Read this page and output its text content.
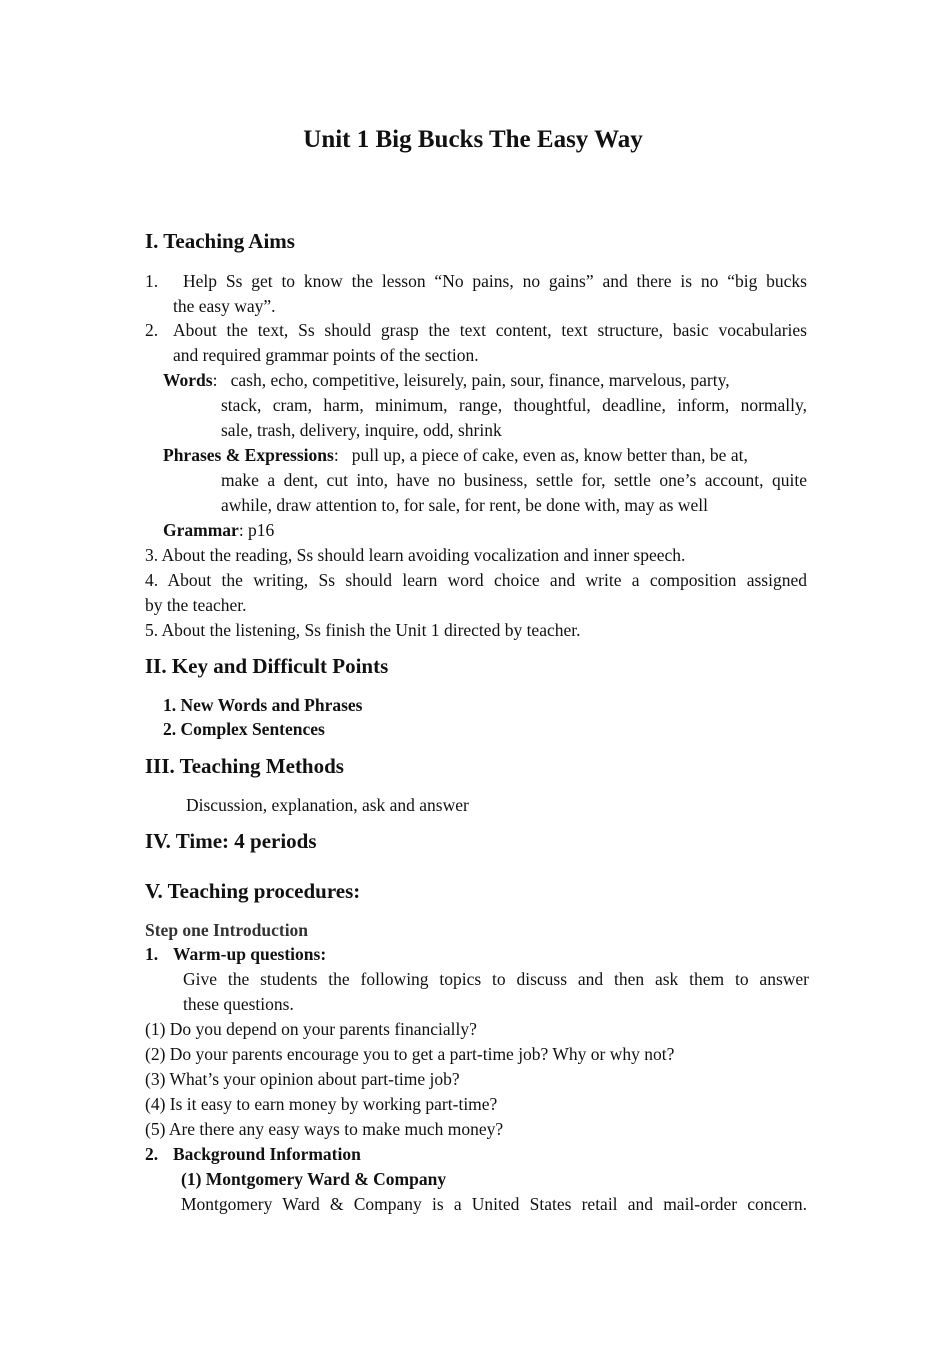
Unit 1 Big Bucks The Easy Way
I. Teaching Aims
1. Help Ss get to know the lesson “No pains, no gains” and there is no “big bucks
the easy way”.
2. About the text, Ss should grasp the text content, text structure, basic vocabularies
and required grammar points of the section.
Words:   cash, echo, competitive, leisurely, pain, sour, finance, marvelous, party,
stack, cram, harm, minimum, range, thoughtful, deadline, inform, normally,
sale, trash, delivery, inquire, odd, shrink
Phrases & Expressions:   pull up, a piece of cake, even as, know better than, be at,
make a dent, cut into, have no business, settle for, settle one’s account, quite
awhile, draw attention to, for sale, for rent, be done with, may as well
Grammar: p16
3. About the reading, Ss should learn avoiding vocalization and inner speech.
4. About the writing, Ss should learn word choice and write a composition assigned
by the teacher.
5. About the listening, Ss finish the Unit 1 directed by teacher.
II. Key and Difficult Points
1. New Words and Phrases
2. Complex Sentences
III. Teaching Methods
Discussion, explanation, ask and answer
IV. Time: 4 periods
V. Teaching procedures:
Step one Introduction
1. Warm-up questions:
Give the students the following topics to discuss and then ask them to answer
these questions.
(1) Do you depend on your parents financially?
(2) Do your parents encourage you to get a part-time job? Why or why not?
(3) What’s your opinion about part-time job?
(4) Is it easy to earn money by working part-time?
(5) Are there any easy ways to make much money?
2. Background Information
(1) Montgomery Ward & Company
Montgomery Ward & Company is a United States retail and mail-order concern.
